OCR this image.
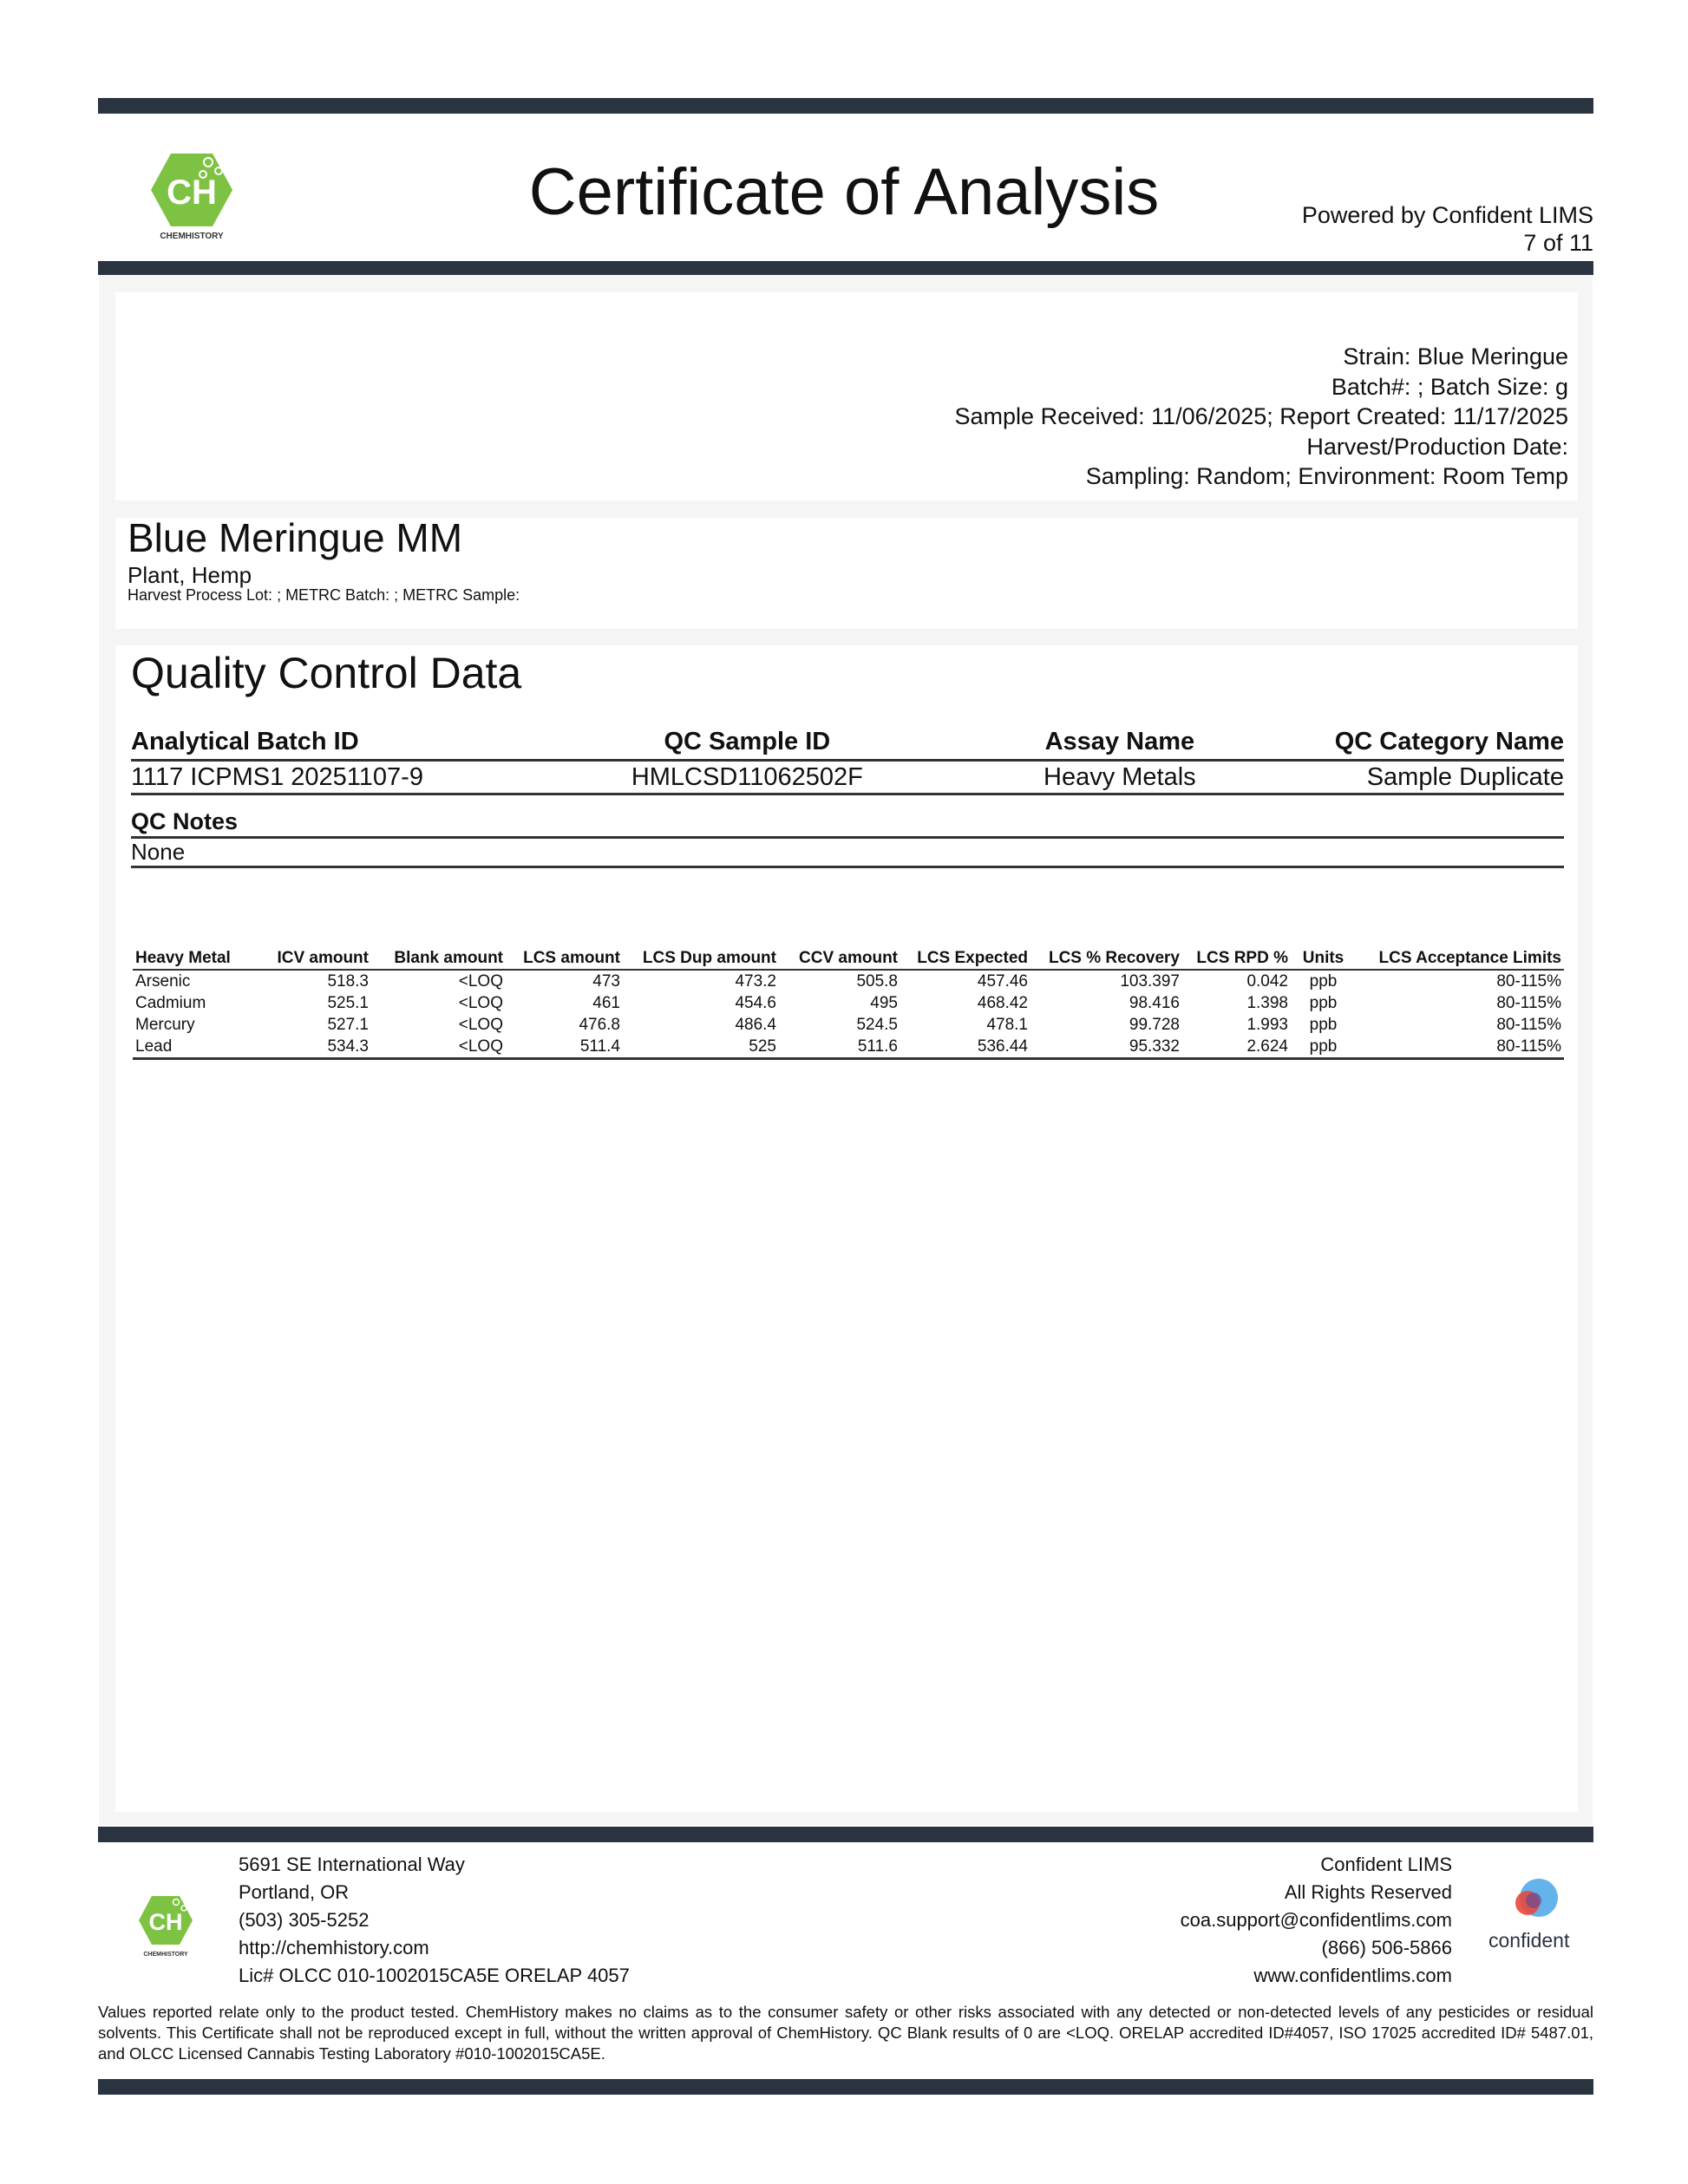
CH
CHEMHISTORY
Certificate of Analysis	Powered by Confident LIMS
7 of 11
Strain: Blue Meringue
Batch#: ; Batch Size: g
Sample Received: 11/06/2025; Report Created: 11/17/2025
Harvest/Production Date:
Sampling: Random; Environment: Room Temp
Blue Meringue MM
Plant, Hemp
Harvest Process Lot: ; METRC Batch: ; METRC Sample:
Quality Control Data
Analytical Batch ID	QC Sample ID	Assay Name	QC Category Name
1117 ICPMS1 20251107-9	HMLCSD11062502F	Heavy Metals	Sample Duplicate
QC Notes
None
Heavy Metal	ICV amount	Blank amount	LCS amount	LCS Dup amount	CCV amount	LCS Expected	LCS % Recovery	LCS RPD %	Units	LCS Acceptance Limits
Arsenic	518.3	<LOQ	473	473.2	505.8	457.46	103.397	0.042	ppb	80-115%
Cadmium	525.1	<LOQ	461	454.6	495	468.42	98.416	1.398	ppb	80-115%
Mercury	527.1	<LOQ	476.8	486.4	524.5	478.1	99.728	1.993	ppb	80-115%
Lead	534.3	<LOQ	511.4	525	511.6	536.44	95.332	2.624	ppb	80-115%
CH
CHEMHISTORY
5691 SE International Way
Portland, OR
(503) 305-5252
http://chemhistory.com
Lic# OLCC 010-1002015CA5E ORELAP 4057
Confident LIMS
All Rights Reserved
coa.support@confidentlims.com
(866) 506-5866
www.confidentlims.com
confident
Values reported relate only to the product tested. ChemHistory makes no claims as to the consumer safety or other risks associated with any detected or non-detected levels of any pesticides or residual solvents. This Certificate shall not be reproduced except in full, without the written approval of ChemHistory. QC Blank results of 0 are <LOQ. ORELAP accredited ID#4057, ISO 17025 accredited ID# 5487.01, and OLCC Licensed Cannabis Testing Laboratory #010-1002015CA5E.
